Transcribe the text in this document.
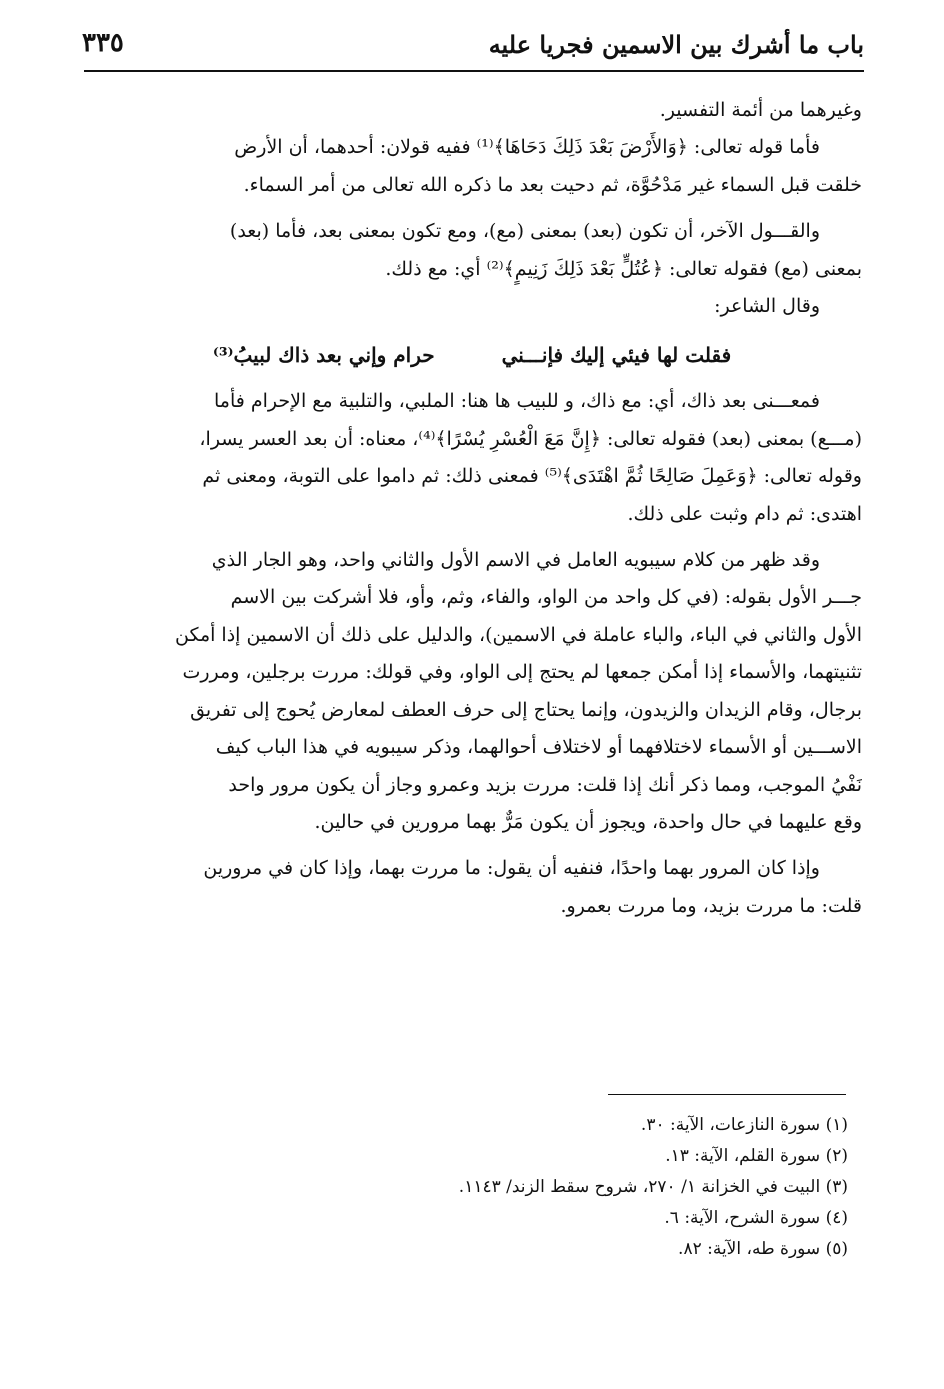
باب ما أشرك بين الاسمين فجريا عليه
٣٣٥

وغيرهما من أئمة التفسير.

فأما قوله تعالى: ﴿وَالأَرْضَ بَعْدَ ذَلِكَ دَحَاهَا﴾⁽¹⁾ ففيه قولان: أحدهما، أن الأرض

خلقت قبل السماء غير مَدْحُوَّة، ثم دحيت بعد ما ذكره الله تعالى من أمر السماء.

والقـــول الآخر، أن تكون (بعد) بمعنى (مع)، ومع تكون بمعنى بعد، فأما (بعد)

بمعنى (مع) فقوله تعالى: ﴿عُتُلٍّ بَعْدَ ذَلِكَ زَنِيمٍ﴾⁽²⁾ أي: مع ذلك.

وقال الشاعر:

فقلت لها فيئي إليك فإنـــني حرام وإني بعد ذاك لبيبُ⁽³⁾

فمعـــنى بعد ذاك، أي: مع ذاك، و للبيب ها هنا: الملبي، والتلبية مع الإحرام فأما

(مـــع) بمعنى (بعد) فقوله تعالى: ﴿إِنَّ مَعَ الْعُسْرِ يُسْرًا﴾⁽⁴⁾، معناه: أن بعد العسر يسرا،

وقوله تعالى: ﴿وَعَمِلَ صَالِحًا ثُمَّ اهْتَدَى﴾⁽⁵⁾ فمعنى ذلك: ثم داموا على التوبة، ومعنى ثم

اهتدى: ثم دام وثبت على ذلك.

وقد ظهر من كلام سيبويه العامل في الاسم الأول والثاني واحد، وهو الجار الذي

جـــر الأول بقوله: (في كل واحد من الواو، والفاء، وثم، وأو، فلا أشركت بين الاسم

الأول والثاني في الباء، والباء عاملة في الاسمين)، والدليل على ذلك أن الاسمين إذا أمكن

تثنيتهما، والأسماء إذا أمكن جمعها لم يحتج إلى الواو، وفي قولك: مررت برجلين، ومررت

برجال، وقام الزيدان والزيدون، وإنما يحتاج إلى حرف العطف لمعارض يُحوج إلى تفريق

الاســـين أو الأسماء لاختلافهما أو لاختلاف أحوالهما، وذكر سيبويه في هذا الباب كيف

نَفْيُ الموجب، ومما ذكر أنك إذا قلت: مررت بزيد وعمرو وجاز أن يكون مرور واحد

وقع عليهما في حال واحدة، ويجوز أن يكون مَرٌّ بهما مرورين في حالين.

وإذا كان المرور بهما واحدًا، فنفيه أن يقول: ما مررت بهما، وإذا كان في مرورين

قلت: ما مررت بزيد، وما مررت بعمرو.

(١) سورة النازعات، الآية: ٣٠.
(٢) سورة القلم، الآية: ١٣.
(٣) البيت في الخزانة ١/ ٢٧٠، شروح سقط الزند/ ١١٤٣.
(٤) سورة الشرح، الآية: ٦.
(٥) سورة طه، الآية: ٨٢.
